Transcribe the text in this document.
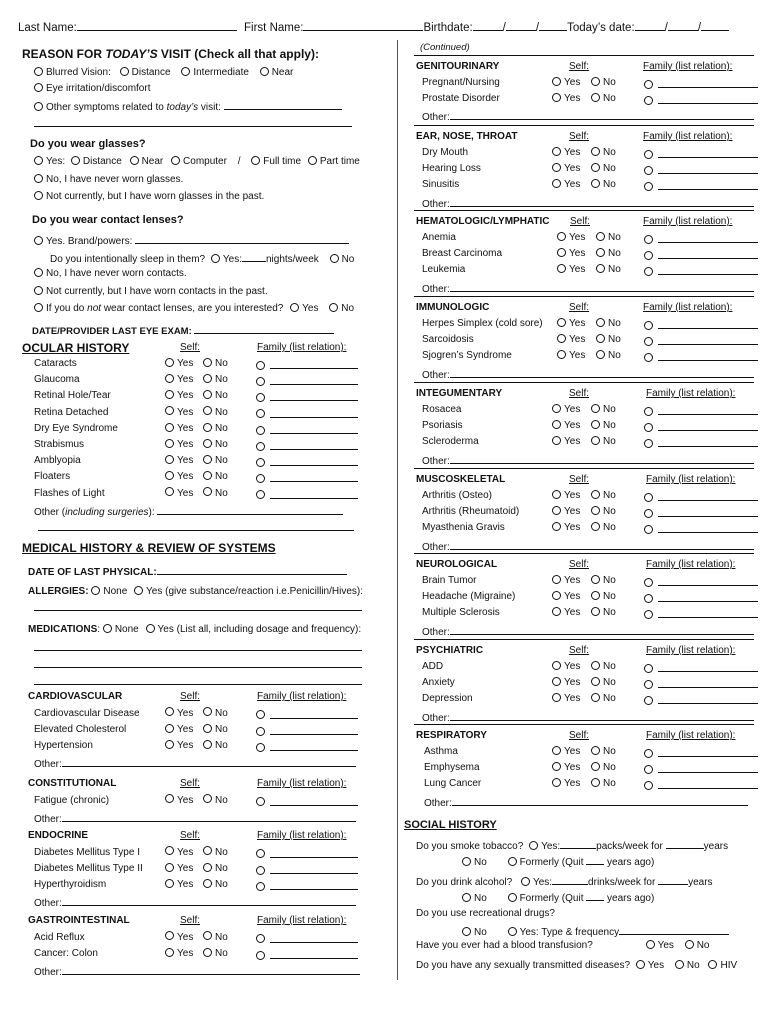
Last Name:	First Name:	Birthdate:	/	/ Today’s date:	/	/
REASON FOR TODAY’S VISIT (Check all that apply):
Blurred Vision: Distance Intermediate Near
Eye irritation/discomfort
Other symptoms related to today’s visit:
Do you wear glasses?
Yes: Distance Near Computer / Full time Part time
No, I have never worn glasses.
Not currently, but I have worn glasses in the past.
Do you wear contact lenses?
Yes. Brand/powers:
Do you intentionally sleep in them? Yes: nights/week No
No, I have never worn contacts.
Not currently, but I have worn contacts in the past.
If you do not wear contact lenses, are you interested? Yes No
DATE/PROVIDER LAST EYE EXAM:
OCULAR HISTORY	Self:	Family (list relation):
Cataracts	Yes	No
Glaucoma	Yes	No
Retinal Hole/Tear	Yes	No
Retina Detached	Yes	No
Dry Eye Syndrome	Yes	No
Strabismus	Yes	No
Amblyopia	Yes	No
Floaters	Yes	No
Flashes of Light	Yes	No
Other (including surgeries):
MEDICAL HISTORY & REVIEW OF SYSTEMS
DATE OF LAST PHYSICAL:
ALLERGIES: None Yes (give substance/reaction i.e.Penicillin/Hives):
MEDICATIONS: None Yes (List all, including dosage and frequency):
CARDIOVASCULAR	Self:	Family (list relation):
Cardiovascular Disease	Yes	No
Elevated Cholesterol	Yes	No
Hypertension	Yes	No
Other:
CONSTITUTIONAL	Self:	Family (list relation):
Fatigue (chronic)	Yes	No
Other:
ENDOCRINE	Self:	Family (list relation):
Diabetes Mellitus Type I	Yes	No
Diabetes Mellitus Type II	Yes	No
Hyperthyroidism	Yes	No
Other:
GASTROINTESTINAL	Self:	Family (list relation):
Acid Reflux	Yes	No
Cancer: Colon	Yes	No
Other:
(Continued)
GENITOURINARY	Self:	Family (list relation):
Pregnant/Nursing	Yes	No
Prostate Disorder	Yes	No
Other:
EAR, NOSE, THROAT	Self:	Family (list relation):
Dry Mouth	Yes	No
Hearing Loss	Yes	No
Sinusitis	Yes	No
Other:
HEMATOLOGIC/LYMPHATIC Self:	Family (list relation):
Anemia	Yes	No
Breast Carcinoma	Yes	No
Leukemia	Yes	No
Other:
IMMUNOLOGIC	Self:	Family (list relation):
Herpes Simplex (cold sore)	Yes	No
Sarcoidosis	Yes	No
Sjogren’s Syndrome	Yes	No
Other:
INTEGUMENTARY	Self:	Family (list relation):
Rosacea	Yes	No
Psoriasis	Yes	No
Scleroderma	Yes	No
Other:
MUSCOSKELETAL	Self:	Family (list relation):
Arthritis (Osteo)	Yes	No
Arthritis (Rheumatoid)	Yes	No
Myasthenia Gravis	Yes	No
Other:
NEUROLOGICAL	Self:	Family (list relation):
Brain Tumor	Yes	No
Headache (Migraine)	Yes	No
Multiple Sclerosis	Yes	No
Other:
PSYCHIATRIC	Self:	Family (list relation):
ADD	Yes	No
Anxiety	Yes	No
Depression	Yes	No
Other:
RESPIRATORY	Self:	Family (list relation):
Asthma	Yes	No
Emphysema	Yes	No
Lung Cancer	Yes	No
Other:
SOCIAL HISTORY
Do you smoke tobacco? Yes:	packs/week for	years
No	Formerly (Quit years ago)
Do you drink alcohol? Yes:	drinks/week for	years
No	Formerly (Quit years ago)
Do you use recreational drugs?
No	Yes: Type & frequency
Have you ever had a blood transfusion?	Yes No
Do you have any sexually transmitted diseases? Yes No HIV
